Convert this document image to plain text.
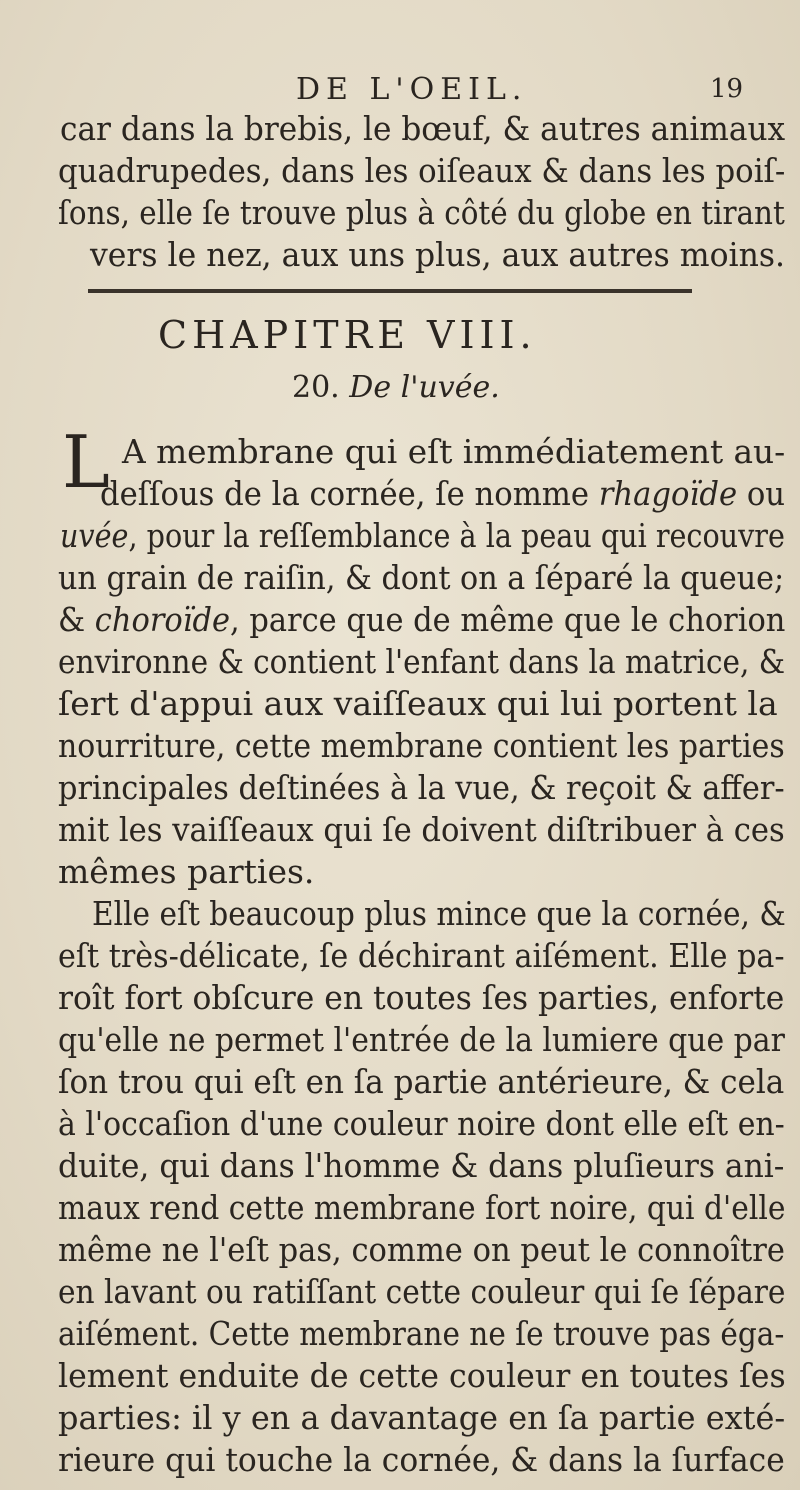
DE L'OEIL.	19
car dans la brebis, le bœuf, & autres animaux
quadrupedes, dans les oiſeaux & dans les poiſ-
ſons, elle ſe trouve plus à côté du globe en tirant
vers le nez, aux uns plus, aux autres moins.
CHAPITRE VIII.
20. De l'uvée.
L A membrane qui eſt immédiatement au-
deſſous de la cornée, ſe nomme rhagoïde ou
uvée, pour la reſſemblance à la peau qui recouvre
un grain de raiſin, & dont on a ſéparé la queue;
& choroïde, parce que de même que le chorion
environne & contient l'enfant dans la matrice, &
ſert d'appui aux vaiſſeaux qui lui portent la
nourriture, cette membrane contient les parties
principales deſtinées à la vue, & reçoit & affer-
mit les vaiſſeaux qui ſe doivent diſtribuer à ces
mêmes parties.
Elle eſt beaucoup plus mince que la cornée, &
eſt très-délicate, ſe déchirant aiſément. Elle pa-
roît fort obſcure en toutes ſes parties, enforte
qu'elle ne permet l'entrée de la lumiere que par
ſon trou qui eſt en ſa partie antérieure, & cela
à l'occaſion d'une couleur noire dont elle eſt en-
duite, qui dans l'homme & dans pluſieurs ani-
maux rend cette membrane fort noire, qui d'elle
même ne l'eſt pas, comme on peut le connoître
en lavant ou ratiſſant cette couleur qui ſe ſépare
aiſément. Cette membrane ne ſe trouve pas éga-
lement enduite de cette couleur en toutes ſes
parties: il y en a davantage en ſa partie exté-
rieure qui touche la cornée, & dans la ſurface
